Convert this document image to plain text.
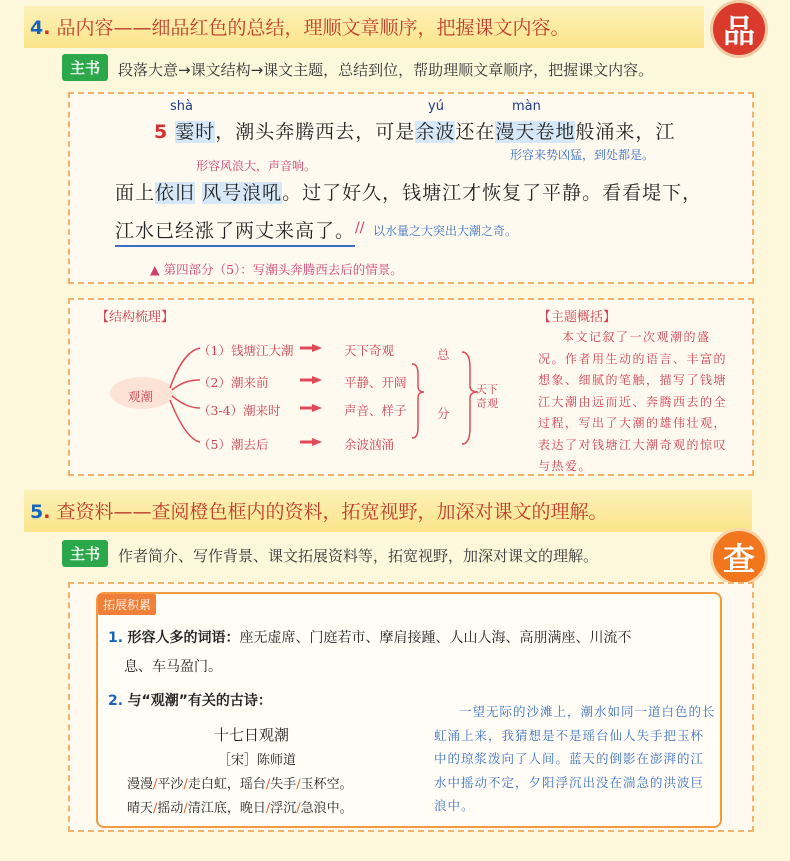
4. 品内容——细品红色的总结，理顺文章顺序，把握课文内容。	品
主书	段落大意→课文结构→课文主题，总结到位，帮助理顺文章顺序，把握课文内容。
shà	yú	màn
5 霎时，潮头奔腾西去，可是余波还在漫天卷地般涌来，江
形容风浪大，声音响。
形容来势凶猛，到处都是。
面上依旧 风号浪吼。过了好久，钱塘江才恢复了平静。看看堤下，
江水已经涨了两丈来高了。 // 以水量之大突出大潮之奇。
▲ 第四部分（5）：写潮头奔腾西去后的情景。
【结构梳理】	【主题概括】
观潮
（1）钱塘江大潮
（2）潮来前
（3-4）潮来时
（5）潮去后
天下奇观
平静、开阔
声音、样子
余波汹涌
总
分
天下
奇观
本文记叙了一次观潮的盛况。作者用生动的语言、丰富的想象、细腻的笔触，描写了钱塘江大潮由远而近、奔腾西去的全过程，写出了大潮的雄伟壮观，表达了对钱塘江大潮奇观的惊叹与热爱。
5. 查资料——查阅橙色框内的资料，拓宽视野，加深对课文的理解。
查
主书	作者简介、写作背景、课文拓展资料等，拓宽视野，加深对课文的理解。
拓展积累
1. 形容人多的词语：座无虚席、门庭若市、摩肩接踵、人山人海、高朋满座、川流不
息、车马盈门。
2. 与“观潮”有关的古诗：
十七日观潮
［宋］陈师道
漫漫/平沙/走白虹，瑶台/失手/玉杯空。
晴天/摇动/清江底，晚日/浮沉/急浪中。
一望无际的沙滩上，潮水如同一道白色的长虹涌上来，我猜想是不是瑶台仙人失手把玉杯中的琼浆泼向了人间。蓝天的倒影在澎湃的江水中摇动不定，夕阳浮沉出没在湍急的洪波巨浪中。
